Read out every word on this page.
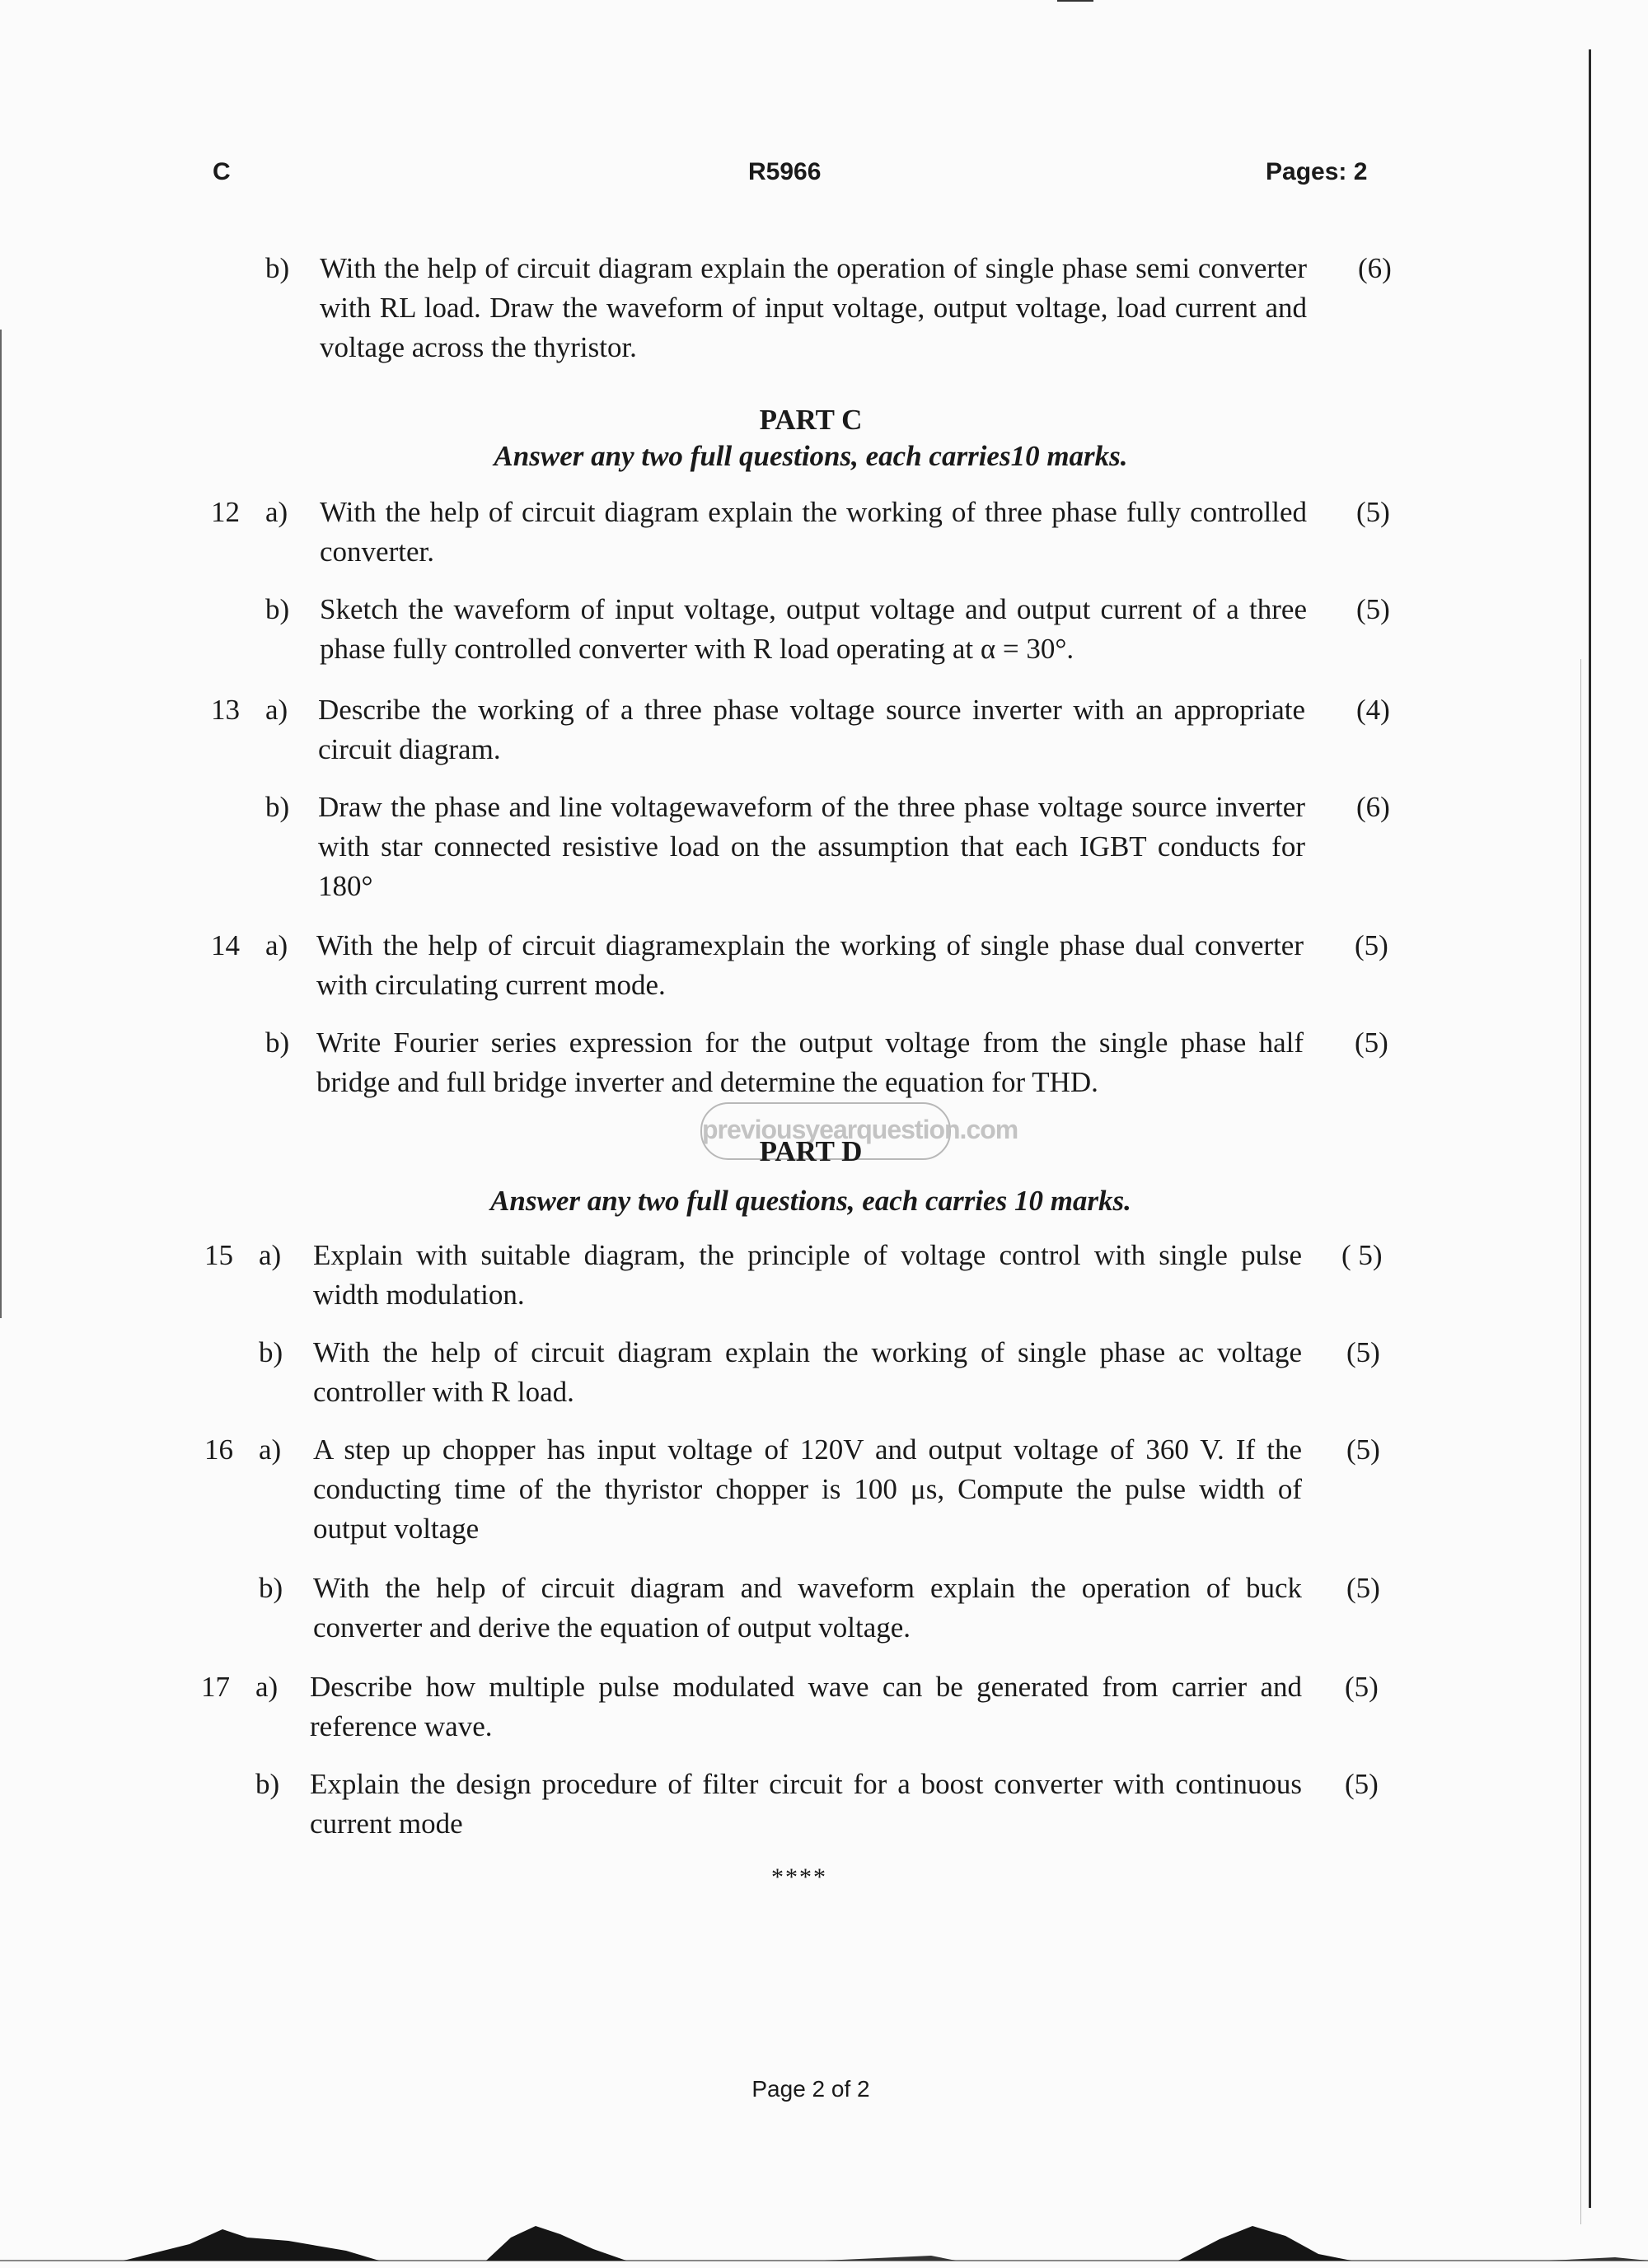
C	R5966	Pages: 2
b) With the help of circuit diagram explain the operation of single phase semi converter with RL load. Draw the waveform of input voltage, output voltage, load current and voltage across the thyristor.
(6)
PART C
Answer any two full questions, each carries10 marks.
12 a) With the help of circuit diagram explain the working of three phase fully controlled converter.
(5)
b) Sketch the waveform of input voltage, output voltage and output current of a three phase fully controlled converter with R load operating at α = 30°.
(5)
13 a) Describe the working of a three phase voltage source inverter with an appropriate circuit diagram.
(4)
b) Draw the phase and line voltagewaveform of the three phase voltage source inverter with star connected resistive load on the assumption that each IGBT conducts for 180°
(6)
14 a) With the help of circuit diagramexplain the working of single phase dual converter with circulating current mode.
(5)
b) Write Fourier series expression for the output voltage from the single phase half bridge and full bridge inverter and determine the equation for THD.
(5)
previousyearquestion.com
PART D
Answer any two full questions, each carries 10 marks.
15 a) Explain with suitable diagram, the principle of voltage control with single pulse width modulation.
( 5)
b) With the help of circuit diagram explain the working of single phase ac voltage controller with R load.
(5)
16 a) A step up chopper has input voltage of 120V and output voltage of 360 V. If the conducting time of the thyristor chopper is 100 μs, Compute the pulse width of output voltage
(5)
b) With the help of circuit diagram and waveform explain the operation of buck converter and derive the equation of output voltage.
(5)
17 a) Describe how multiple pulse modulated wave can be generated from carrier and reference wave.
(5)
b) Explain the design procedure of filter circuit for a boost converter with continuous current mode
(5)
****
Page 2 of 2
